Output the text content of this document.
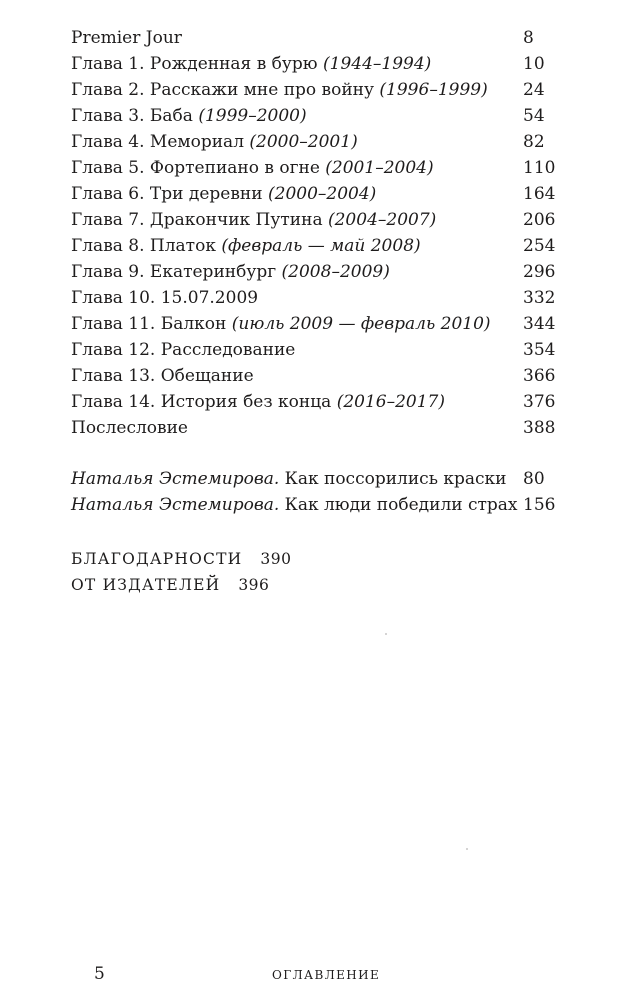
Premier Jour	8
Глава 1. Рожденная в бурю (1944–1994)	10
Глава 2. Расскажи мне про войну (1996–1999) 24
Глава 3. Баба (1999–2000)	54
Глава 4. Мемориал (2000–2001)	82
Глава 5. Фортепиано в огне (2001–2004)	110
Глава 6. Три деревни (2000–2004)	164
Глава 7. Дракончик Путина (2004–2007)	206
Глава 8. Платок (февраль — май 2008)	254
Глава 9. Екатеринбург (2008–2009)	296
Глава 10. 15.07.2009	332
Глава 11. Балкон (июль 2009 — февраль 2010) 344
Глава 12. Расследование	354
Глава 13. Обещание	366
Глава 14. История без конца (2016–2017)	376
Послесловие	388
Наталья Эстемирова. Как поссорились краски 80
Наталья Эстемирова. Как люди победили страх 156
БЛАГОДАРНОСТИ 390
ОТ ИЗДАТЕЛЕЙ 396
5	ОГЛАВЛЕНИЕ
